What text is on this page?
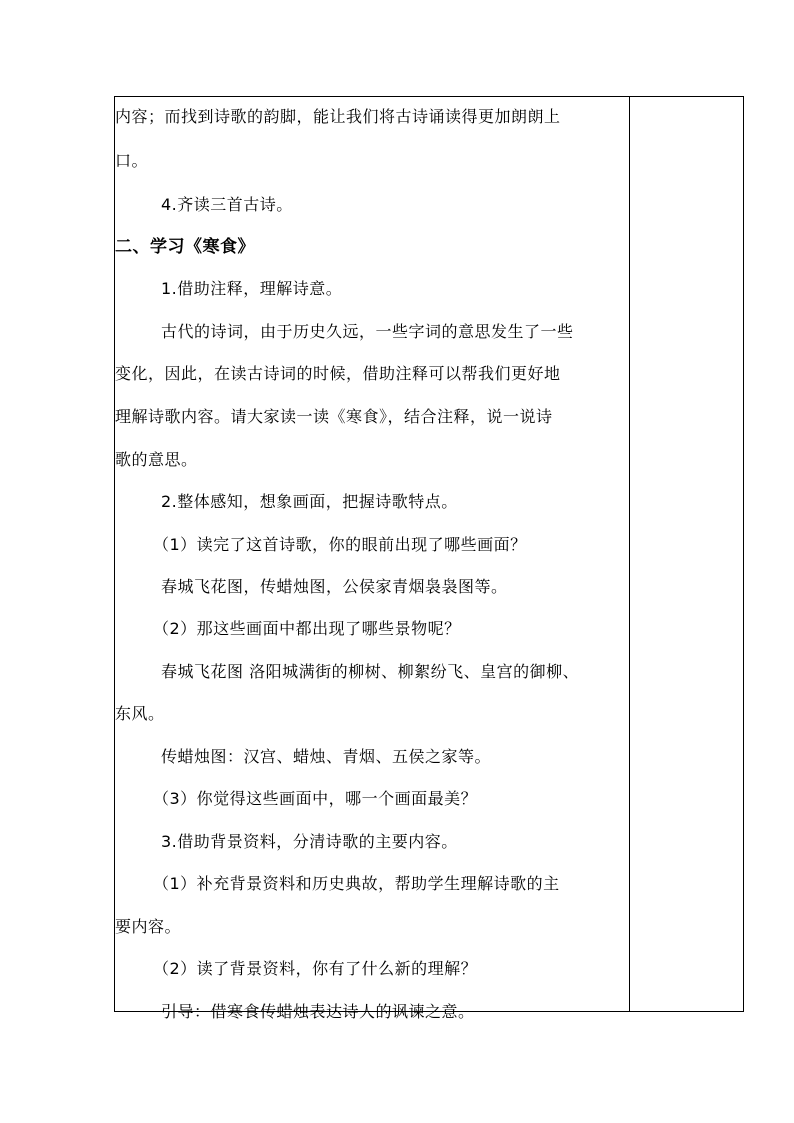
内容；而找到诗歌的韵脚，能让我们将古诗诵读得更加朗朗上
口。
4.齐读三首古诗。
二、学习《寒食》
1.借助注释，理解诗意。
古代的诗词，由于历史久远，一些字词的意思发生了一些
变化，因此，在读古诗词的时候，借助注释可以帮我们更好地
理解诗歌内容。请大家读一读《寒食》，结合注释，说一说诗
歌的意思。
2.整体感知，想象画面，把握诗歌特点。
（1）读完了这首诗歌，你的眼前出现了哪些画面？
春城飞花图，传蜡烛图，公侯家青烟袅袅图等。
（2）那这些画面中都出现了哪些景物呢？
春城飞花图 洛阳城满街的柳树、柳絮纷飞、皇宫的御柳、
东风。
传蜡烛图：汉宫、蜡烛、青烟、五侯之家等。
（3）你觉得这些画面中，哪一个画面最美？
3.借助背景资料，分清诗歌的主要内容。
（1）补充背景资料和历史典故，帮助学生理解诗歌的主
要内容。
（2）读了背景资料，你有了什么新的理解？
引导：借寒食传蜡烛表达诗人的讽谏之意。
